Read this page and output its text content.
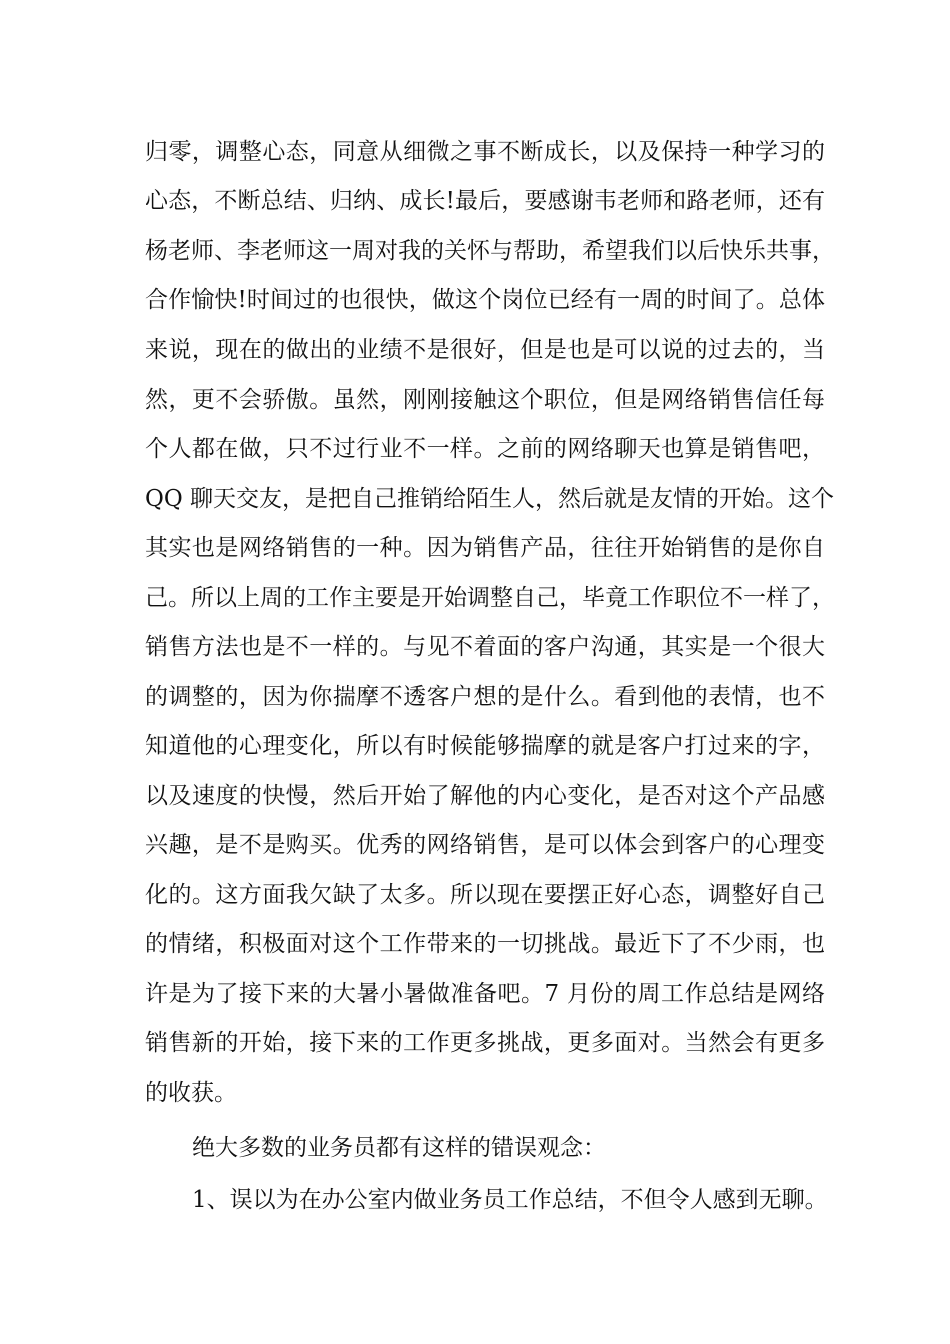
归零，调整心态，同意从细微之事不断成长，以及保持一种学习的
心态，不断总结、归纳、成长!最后，要感谢韦老师和路老师，还有
杨老师、李老师这一周对我的关怀与帮助，希望我们以后快乐共事，
合作愉快!时间过的也很快，做这个岗位已经有一周的时间了。总体
来说，现在的做出的业绩不是很好，但是也是可以说的过去的，当
然，更不会骄傲。虽然，刚刚接触这个职位，但是网络销售信任每
个人都在做，只不过行业不一样。之前的网络聊天也算是销售吧，
QQ 聊天交友，是把自己推销给陌生人，然后就是友情的开始。这个
其实也是网络销售的一种。因为销售产品，往往开始销售的是你自
己。所以上周的工作主要是开始调整自己，毕竟工作职位不一样了，
销售方法也是不一样的。与见不着面的客户沟通，其实是一个很大
的调整的，因为你揣摩不透客户想的是什么。看到他的表情，也不
知道他的心理变化，所以有时候能够揣摩的就是客户打过来的字，
以及速度的快慢，然后开始了解他的内心变化，是否对这个产品感
兴趣，是不是购买。优秀的网络销售，是可以体会到客户的心理变
化的。这方面我欠缺了太多。所以现在要摆正好心态，调整好自己
的情绪，积极面对这个工作带来的一切挑战。最近下了不少雨，也
许是为了接下来的大暑小暑做准备吧。7 月份的周工作总结是网络
销售新的开始，接下来的工作更多挑战，更多面对。当然会有更多
的收获。
绝大多数的业务员都有这样的错误观念：
1、误以为在办公室内做业务员工作总结，不但令人感到无聊。
